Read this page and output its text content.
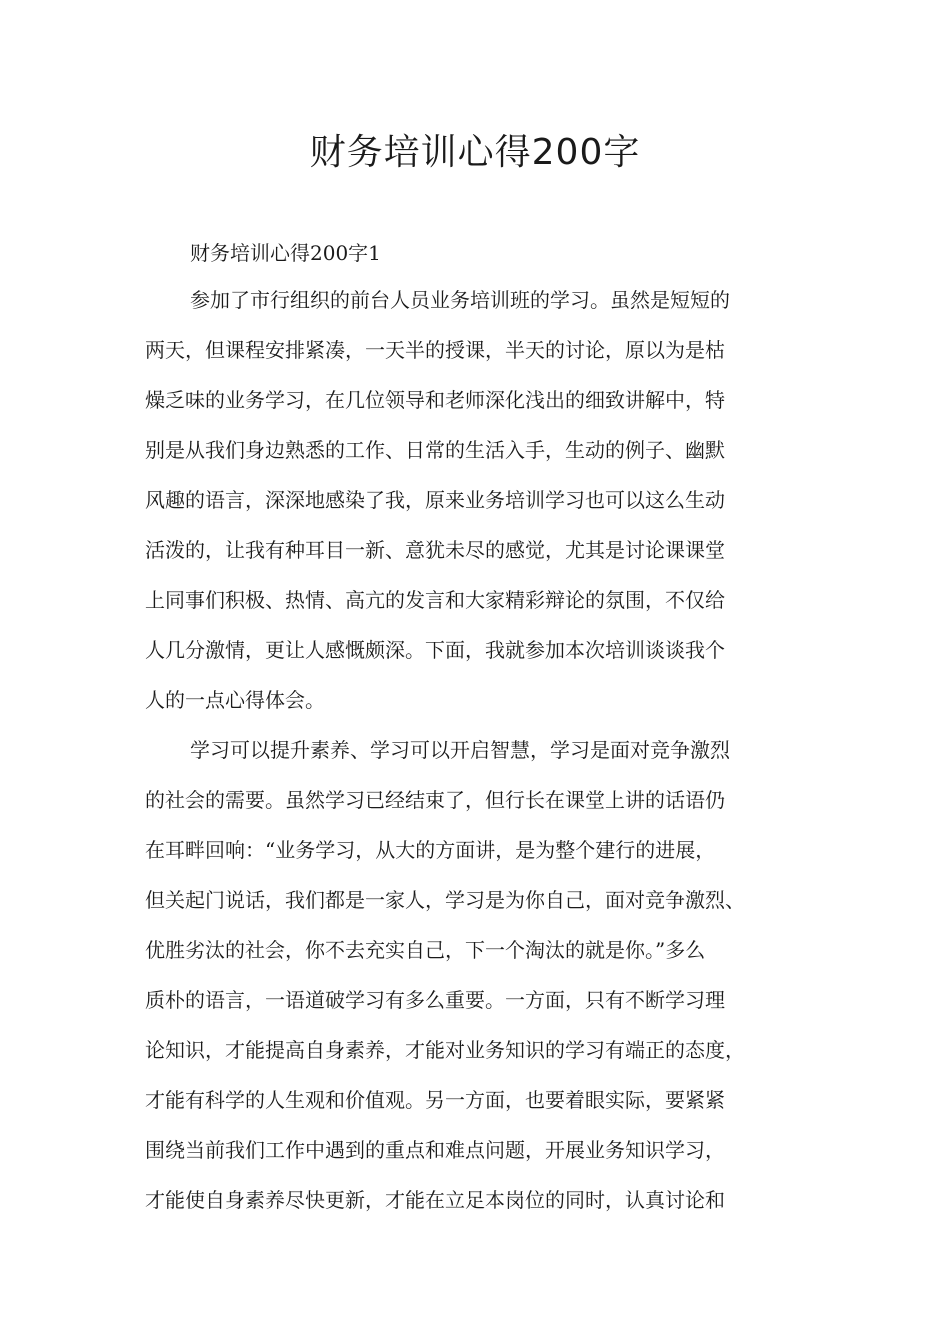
财务培训心得200字

财务培训心得200字1

参加了市行组织的前台人员业务培训班的学习。虽然是短短的
两天，但课程安排紧凑，一天半的授课，半天的讨论，原以为是枯
燥乏味的业务学习，在几位领导和老师深化浅出的细致讲解中，特
别是从我们身边熟悉的工作、日常的生活入手，生动的例子、幽默
风趣的语言，深深地感染了我，原来业务培训学习也可以这么生动
活泼的，让我有种耳目一新、意犹未尽的感觉，尤其是讨论课课堂
上同事们积极、热情、高亢的发言和大家精彩辩论的氛围，不仅给
人几分激情，更让人感慨颇深。下面，我就参加本次培训谈谈我个
人的一点心得体会。
学习可以提升素养、学习可以开启智慧，学习是面对竞争激烈
的社会的需要。虽然学习已经结束了，但行长在课堂上讲的话语仍
在耳畔回响：“业务学习，从大的方面讲，是为整个建行的进展，
但关起门说话，我们都是一家人，学习是为你自己，面对竞争激烈、
优胜劣汰的社会，你不去充实自己，下一个淘汰的就是你。”多么
质朴的语言，一语道破学习有多么重要。一方面，只有不断学习理
论知识，才能提高自身素养，才能对业务知识的学习有端正的态度，
才能有科学的人生观和价值观。另一方面，也要着眼实际，要紧紧
围绕当前我们工作中遇到的重点和难点问题，开展业务知识学习，
才能使自身素养尽快更新，才能在立足本岗位的同时，认真讨论和
